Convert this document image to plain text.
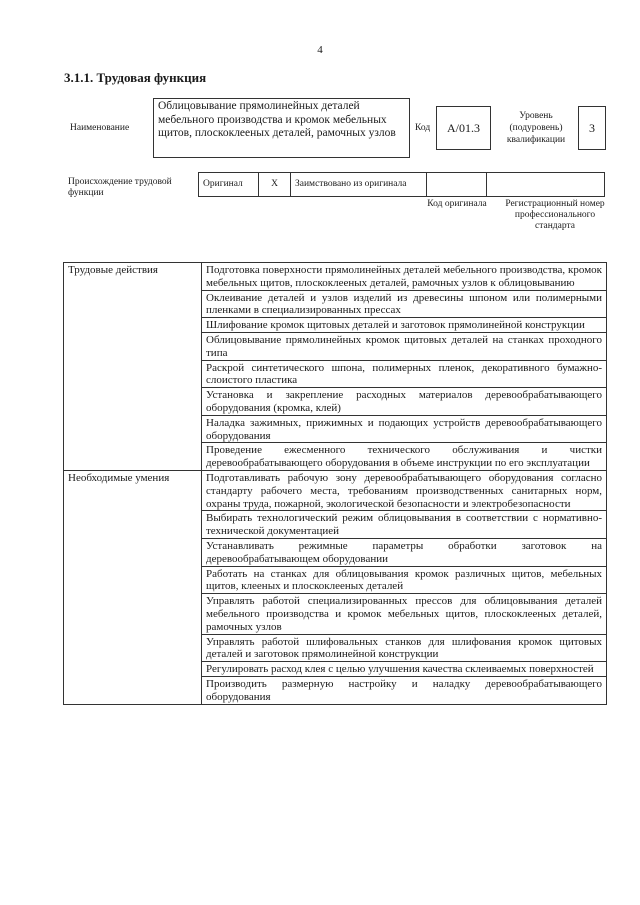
4
3.1.1. Трудовая функция
Наименование
Облицовывание прямолинейных деталей мебельного производства и кромок мебельных щитов, плоскоклееных деталей, рамочных узлов	Код	A/01.3
Уровень (подуровень) квалификации
3
Происхождение трудовой функции
Оригинал	X	Заимствовано из оригинала		
Код оригинала	Регистрационный номер профессионального стандарта
Трудовые действия	Подготовка поверхности прямолинейных деталей мебельного производства, кромок мебельных щитов, плоскоклееных деталей, рамочных узлов к облицовыванию
	Оклеивание деталей и узлов изделий из древесины шпоном или полимерными пленками в специализированных прессах
	Шлифование кромок щитовых деталей и заготовок прямолинейной конструкции
	Облицовывание прямолинейных кромок щитовых деталей на станках проходного типа
	Раскрой синтетического шпона, полимерных пленок, декоративного бумажно-слоистого пластика
	Установка и закрепление расходных материалов деревообрабатывающего оборудования (кромка, клей)
	Наладка зажимных, прижимных и подающих устройств деревообрабатывающего оборудования
	Проведение ежесменного технического обслуживания и чистки деревообрабатывающего оборудования в объеме инструкции по его эксплуатации
Необходимые умения	Подготавливать рабочую зону деревообрабатывающего оборудования согласно стандарту рабочего места, требованиям производственных санитарных норм, охраны труда, пожарной, экологической безопасности и электробезопасности
	Выбирать технологический режим облицовывания в соответствии с нормативно-технической документацией
	Устанавливать режимные параметры обработки заготовок на деревообрабатывающем оборудовании
	Работать на станках для облицовывания кромок различных щитов, мебельных щитов, клееных и плоскоклееных деталей
	Управлять работой специализированных прессов для облицовывания деталей мебельного производства и кромок мебельных щитов, плоскоклееных деталей, рамочных узлов
	Управлять работой шлифовальных станков для шлифования кромок щитовых деталей и заготовок прямолинейной конструкции
	Регулировать расход клея с целью улучшения качества склеиваемых поверхностей
	Производить размерную настройку и наладку деревообрабатывающего оборудования
